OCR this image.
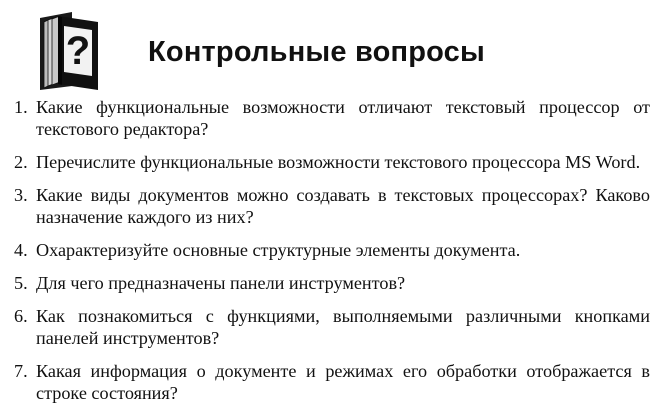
? Контрольные вопросы
1. Какие функциональные возможности отличают текстовый процессор от текстового редактора?
2. Перечислите функциональные возможности текстового процессора MS Word.
3. Какие виды документов можно создавать в текстовых процессорах? Каково назначение каждого из них?
4. Охарактеризуйте основные структурные элементы документа.
5. Для чего предназначены панели инструментов?
6. Как познакомиться с функциями, выполняемыми различными кнопками панелей инструментов?
7. Какая информация о документе и режимах его обработки отображается в строке состояния?
